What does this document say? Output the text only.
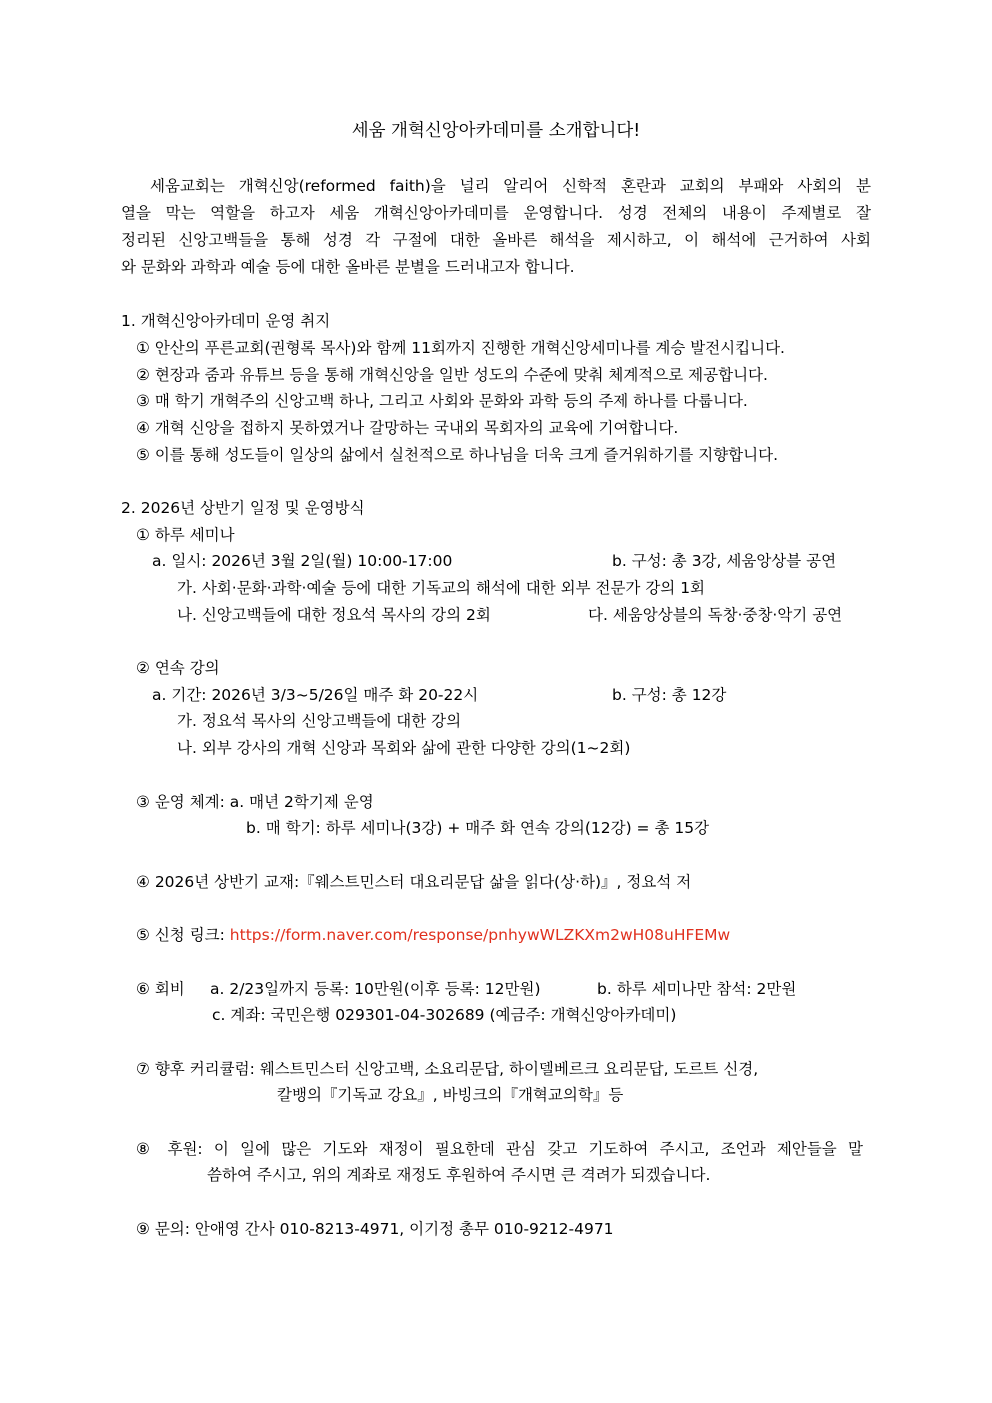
세움 개혁신앙아카데미를 소개합니다!
세움교회는 개혁신앙(reformed faith)을 널리 알리어 신학적 혼란과 교회의 부패와 사회의 분
열을 막는 역할을 하고자 세움 개혁신앙아카데미를 운영합니다. 성경 전체의 내용이 주제별로 잘
정리된 신앙고백들을 통해 성경 각 구절에 대한 올바른 해석을 제시하고, 이 해석에 근거하여 사회
와 문화와 과학과 예술 등에 대한 올바른 분별을 드러내고자 합니다.
1. 개혁신앙아카데미 운영 취지
① 안산의 푸른교회(권형록 목사)와 함께 11회까지 진행한 개혁신앙세미나를 계승 발전시킵니다.
② 현장과 줌과 유튜브 등을 통해 개혁신앙을 일반 성도의 수준에 맞춰 체계적으로 제공합니다.
③ 매 학기 개혁주의 신앙고백 하나, 그리고 사회와 문화와 과학 등의 주제 하나를 다룹니다.
④ 개혁 신앙을 접하지 못하였거나 갈망하는 국내외 목회자의 교육에 기여합니다.
⑤ 이를 통해 성도들이 일상의 삶에서 실천적으로 하나님을 더욱 크게 즐거워하기를 지향합니다.
2. 2026년 상반기 일정 및 운영방식
① 하루 세미나
a. 일시: 2026년 3월 2일(월) 10:00-17:00	b. 구성: 총 3강, 세움앙상블 공연
가. 사회·문화·과학·예술 등에 대한 기독교의 해석에 대한 외부 전문가 강의 1회
나. 신앙고백들에 대한 정요석 목사의 강의 2회	다. 세움앙상블의 독창·중창·악기 공연
② 연속 강의
a. 기간: 2026년 3/3~5/26일 매주 화 20-22시	b. 구성: 총 12강
가. 정요석 목사의 신앙고백들에 대한 강의
나. 외부 강사의 개혁 신앙과 목회와 삶에 관한 다양한 강의(1~2회)
③ 운영 체계: a. 매년 2학기제 운영
b. 매 학기: 하루 세미나(3강) + 매주 화 연속 강의(12강) = 총 15강
④ 2026년 상반기 교재:『웨스트민스터 대요리문답 삶을 읽다(상·하)』, 정요석 저
⑤ 신청 링크: https://form.naver.com/response/pnhywWLZKXm2wH08uHFEMw
⑥ 회비 a. 2/23일까지 등록: 10만원(이후 등록: 12만원)	b. 하루 세미나만 참석: 2만원
c. 계좌: 국민은행 029301-04-302689 (예금주: 개혁신앙아카데미)
⑦ 향후 커리큘럼: 웨스트민스터 신앙고백, 소요리문답, 하이델베르크 요리문답, 도르트 신경,
칼뱅의『기독교 강요』, 바빙크의『개혁교의학』등
⑧ 후원: 이 일에 많은 기도와 재정이 필요한데 관심 갖고 기도하여 주시고, 조언과 제안들을 말
씀하여 주시고, 위의 계좌로 재정도 후원하여 주시면 큰 격려가 되겠습니다.
⑨ 문의: 안애영 간사 010-8213-4971, 이기정 총무 010-9212-4971
